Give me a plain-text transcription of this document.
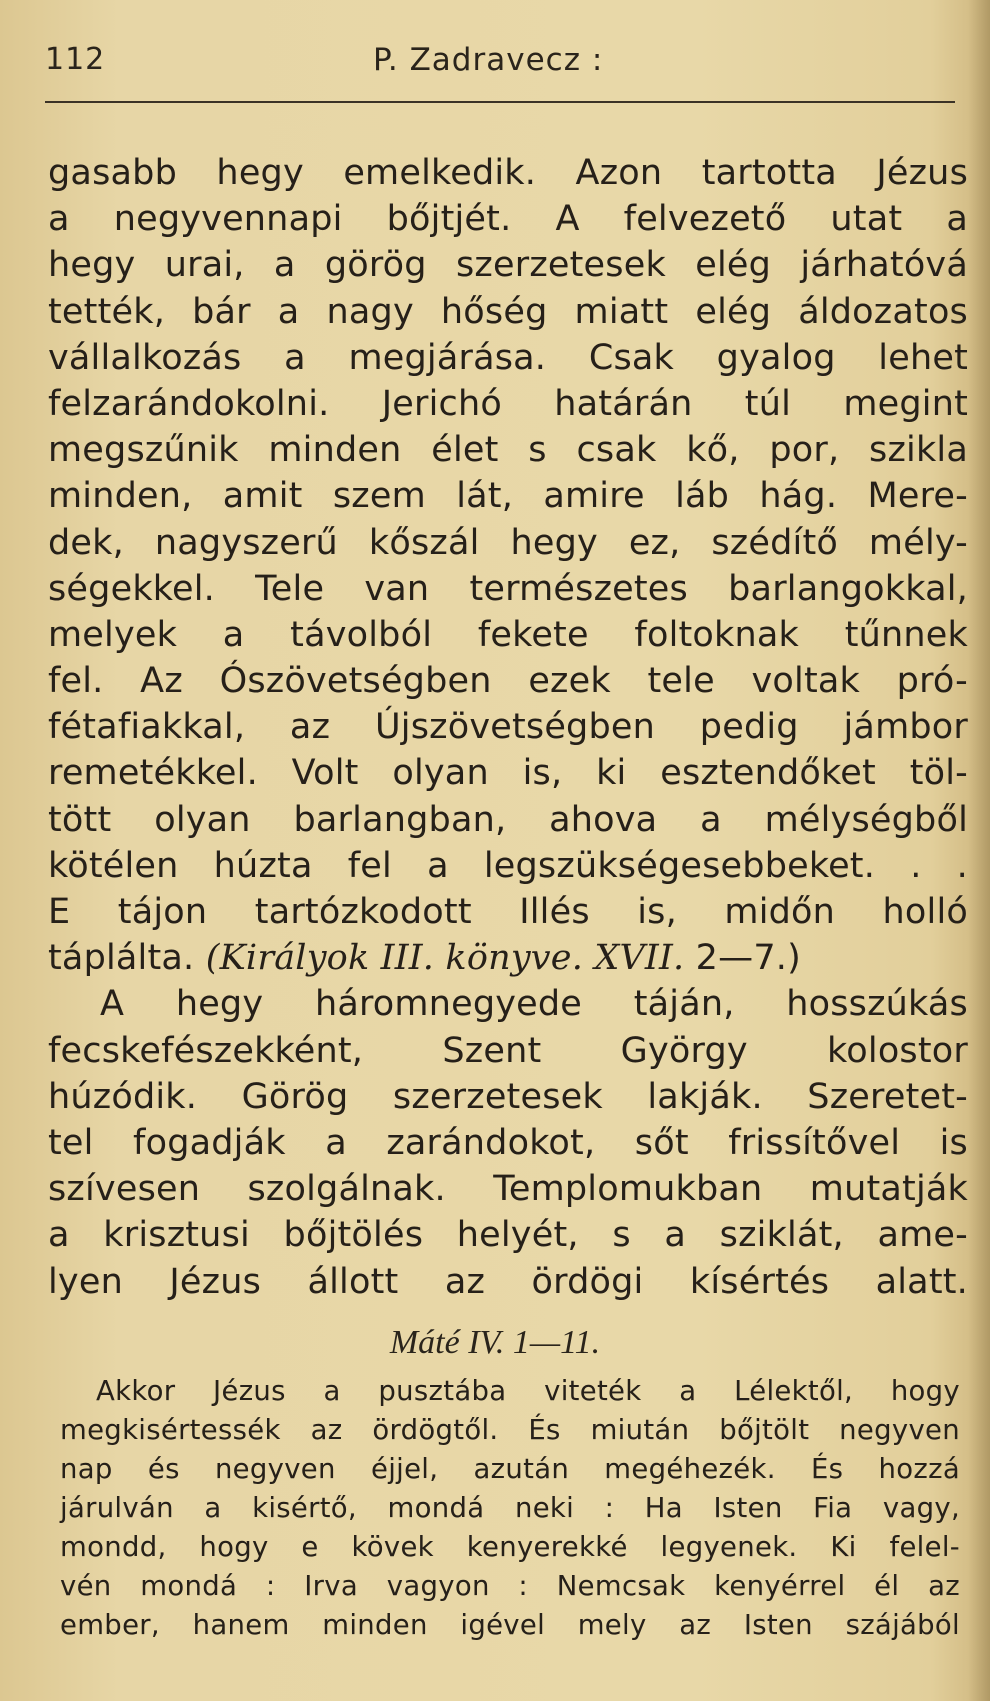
112	P. Zadravecz :
gasabb hegy emelkedik. Azon tartotta Jézus
a negyvennapi bőjtjét. A felvezető utat a
hegy urai, a görög szerzetesek elég járhatóvá
tették, bár a nagy hőség miatt elég áldozatos
vállalkozás a megjárása. Csak gyalog lehet
felzarándokolni. Jerichó határán túl megint
megszűnik minden élet s csak kő, por, szikla
minden, amit szem lát, amire láb hág. Mere-
dek, nagyszerű kőszál hegy ez, szédítő mély-
ségekkel. Tele van természetes barlangokkal,
melyek a távolból fekete foltoknak tűnnek
fel. Az Ószövetségben ezek tele voltak pró-
fétafiakkal, az Újszövetségben pedig jámbor
remetékkel. Volt olyan is, ki esztendőket töl-
tött olyan barlangban, ahova a mélységből
kötélen húzta fel a legszükségesebbeket. . .
E tájon tartózkodott Illés is, midőn holló
táplálta. (Királyok III. könyve. XVII. 2—7.)
A hegy háromnegyede táján, hosszúkás
fecskefészekként, Szent György kolostor
húzódik. Görög szerzetesek lakják. Szeretet-
tel fogadják a zarándokot, sőt frissítővel is
szívesen szolgálnak. Templomukban mutatják
a krisztusi bőjtölés helyét, s a sziklát, ame-
lyen Jézus állott az ördögi kísértés alatt.
Máté IV. 1—11.
Akkor Jézus a pusztába viteték a Lélektől, hogy
megkisértessék az ördögtől. És miután bőjtölt negyven
nap és negyven éjjel, azután megéhezék. És hozzá
járulván a kisértő, mondá neki : Ha Isten Fia vagy,
mondd, hogy e kövek kenyerekké legyenek. Ki felel-
vén mondá : Irva vagyon : Nemcsak kenyérrel él az
ember, hanem minden igével mely az Isten szájából
